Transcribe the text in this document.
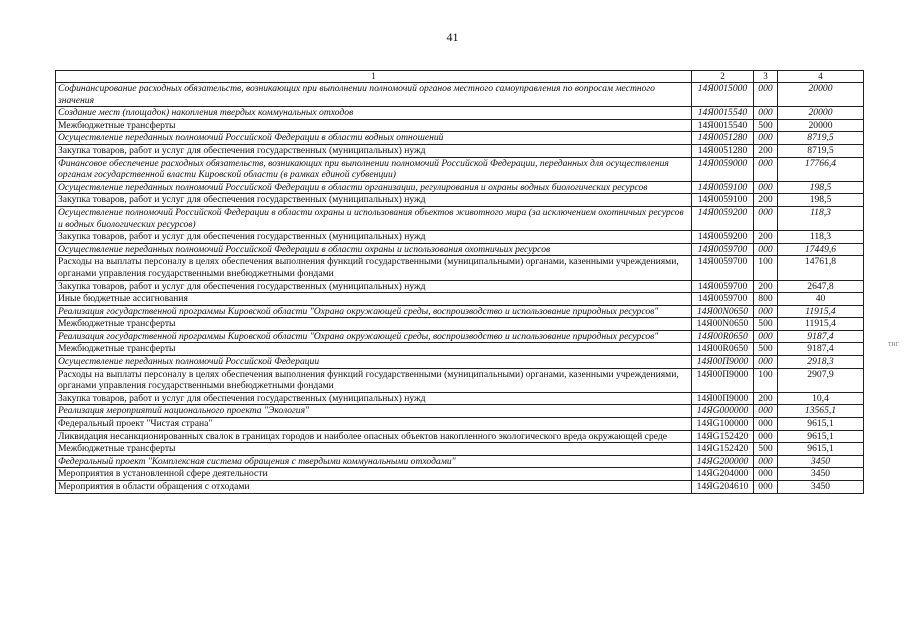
41
1	2	3	4
Софинансирование расходных обязательств, возникающих при выполнении полномочий органов местного самоуправления по вопросам местного значения	14Я0015000	000	20000
Создание мест (площадок) накопления твердых коммунальных отходов	14Я0015540	000	20000
Межбюджетные трансферты	14Я0015540	500	20000
Осуществление переданных полномочий Российской Федерации в области водных отношений	14Я0051280	000	8719,5
Закупка товаров, работ и услуг для обеспечения государственных (муниципальных) нужд	14Я0051280	200	8719,5
Финансовое обеспечение расходных обязательств, возникающих при выполнении полномочий Российской Федерации, переданных для осуществления органам государственной власти Кировской области (в рамках единой субвенции)	14Я0059000	000	17766,4
Осуществление переданных полномочий Российской Федерации в области организации, регулирования и охраны водных биологических ресурсов	14Я0059100	000	198,5
Закупка товаров, работ и услуг для обеспечения государственных (муниципальных) нужд	14Я0059100	200	198,5
Осуществление полномочий Российской Федерации в области охраны и использования объектов животного мира (за исключением охотничьих ресурсов и водных биологических ресурсов)	14Я0059200	000	118,3
Закупка товаров, работ и услуг для обеспечения государственных (муниципальных) нужд	14Я0059200	200	118,3
Осуществление переданных полномочий Российской Федерации в области охраны и использования охотничьих ресурсов	14Я0059700	000	17449,6
Расходы на выплаты персоналу в целях обеспечения выполнения функций государственными (муниципальными) органами, казенными учреждениями, органами управления государственными внебюджетными фондами	14Я0059700	100	14761,8
Закупка товаров, работ и услуг для обеспечения государственных (муниципальных) нужд	14Я0059700	200	2647,8
Иные бюджетные ассигнования	14Я0059700	800	40
Реализация государственной программы Кировской области "Охрана окружающей среды, воспроизводство и использование природных ресурсов"	14Я00N0650	000	11915,4
Межбюджетные трансферты	14Я00N0650	500	11915,4
Реализация государственной программы Кировской области "Охрана окружающей среды, воспроизводство и использование природных ресурсов"	14Я00R0650	000	9187,4
Межбюджетные трансферты	14Я00R0650	500	9187,4
Осуществление переданных полномочий Российской Федерации	14Я00П9000	000	2918,3
Расходы на выплаты персоналу в целях обеспечения выполнения функций государственными (муниципальными) органами, казенными учреждениями, органами управления государственными внебюджетными фондами	14Я00П9000	100	2907,9
Закупка товаров, работ и услуг для обеспечения государственных (муниципальных) нужд	14Я00П9000	200	10,4
Реализация мероприятий национального проекта "Экология"	14ЯG000000	000	13565,1
Федеральный проект "Чистая страна"	14ЯG100000	000	9615,1
Ликвидация несанкционированных свалок в границах городов и наиболее опасных объектов накопленного экологического вреда окружающей среде	14ЯG152420	000	9615,1
Межбюджетные трансферты	14ЯG152420	500	9615,1
Федеральный проект "Комплексная система обращения с твердыми коммунальными отходами"	14ЯG200000	000	3450
Мероприятия в установленной сфере деятельности	14ЯG204000	000	3450
Мероприятия в области обращения с отходами	14ЯG204610	000	3450
тнг
